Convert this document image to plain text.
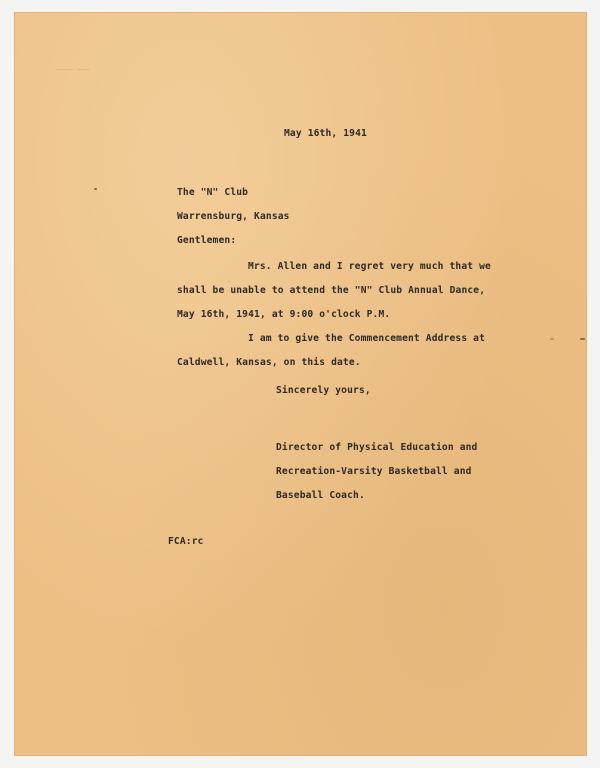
~~~~ ~~~

May 16th, 1941

The "N" Club

Warrensburg, Kansas

Gentlemen:

Mrs. Allen and I regret very much that we

shall be unable to attend the "N" Club Annual Dance,

May 16th, 1941, at 9:00 o'clock P.M.

I am to give the Commencement Address at

Caldwell, Kansas, on this date.

Sincerely yours,

Director of Physical Education and

Recreation-Varsity Basketball and

Baseball Coach.

FCA:rc
